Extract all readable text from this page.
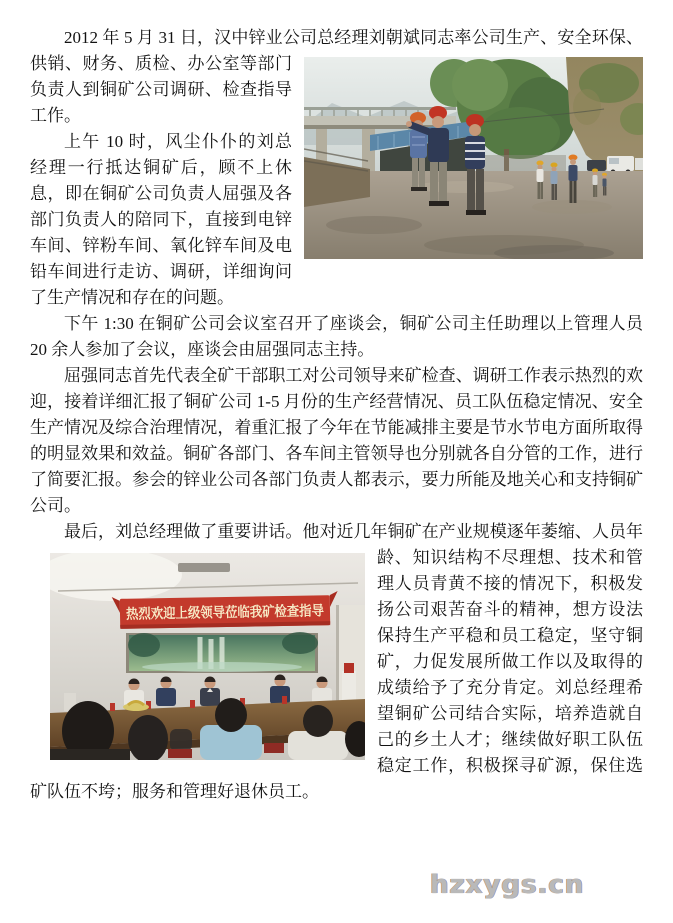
2012 年 5 月 31 日，汉中锌业公司总经理刘朝斌同志率公司生产、安
全环保、供销、财务、质检、办公室等部门负责人到铜矿公司调研、检查指导工作。

上午 10 时，风尘仆仆的刘总经理一行抵达铜矿后，顾不上休息，即在铜矿公司负责人屈强及各部门负责人的陪同下，直接到电锌车间、锌粉车间、氧化锌车间及电铅车间进行走访、调研，详细询问了生产情况和存在的问题。

下午 1:30 在铜矿公司会议室召开了座谈会，铜矿公司主任助理以上管理人员 20 余人参加了会议，座谈会由屈强同志主持。

屈强同志首先代表全矿干部职工对公司领导来矿检查、调研工作表示热烈的欢迎，接着详细汇报了铜矿公司 1-5 月份的生产经营情况、员工队伍稳定情况、安全生产情况及综合治理情况，着重汇报了今年在节能减排主要是节水节电方面所取得的明显效果和效益。铜矿各部门、各车间主管领导也分别就各自分管的工作，进行了简要汇报。参会的锌业公司各部门负责人都表示，要力所能及地关心和支持铜矿公司。

最后，刘总经理做了重要讲话。他对近几年铜矿在产业规模逐年萎缩、
热烈欢迎上级领导莅临我矿检查指导
人员年龄、知识结构不尽理想、技术和管理人员青黄不接的情况下，积极发扬公司艰苦奋斗的精神，想方设法保持生产平稳和员工稳定，坚守铜矿，力促发展所做工作以及取得的成绩给予了充分肯定。刘总经理希望铜矿公司结合实际，培养造就自己的乡土人才；继续做好职工队伍稳定工作，积极探寻矿源，保住选矿队伍不垮；服务和管理好退休员工。

hzxygs.cn
